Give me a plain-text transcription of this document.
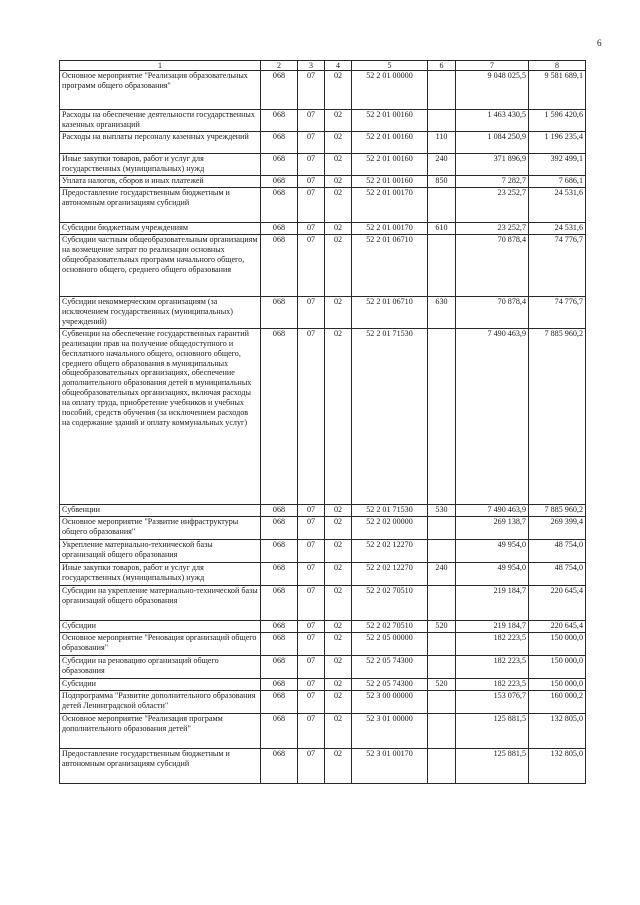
6
1	2	3	4	5	6	7	8
Основное мероприятие "Реализация образовательных программ общего образования"	068	07	02	52 2 01 00000		9 048 025,5	9 581 689,1
Расходы на обеспечение деятельности государственных казенных организаций	068	07	02	52 2 01 00160		1 463 430,5	1 596 420,6
Расходы на выплаты персоналу казенных учреждений	068	07	02	52 2 01 00160	110	1 084 250,9	1 196 235,4
Иные закупки товаров, работ и услуг для государственных (муниципальных) нужд	068	07	02	52 2 01 00160	240	371 896,9	392 499,1
Уплата налогов, сборов и иных платежей	068	07	02	52 2 01 00160	850	7 282,7	7 686,1
Предоставление государственным бюджетным и автономным организациям субсидий	068	07	02	52 2 01 00170		23 252,7	24 531,6
Субсидии бюджетным учреждениям	068	07	02	52 2 01 00170	610	23 252,7	24 531,6
Субсидии частным общеобразовательным организациям на возмещение затрат по реализации основных общеобразовательных программ начального общего, основного общего, среднего общего образования	068	07	02	52 2 01 06710		70 878,4	74 776,7
Субсидии некоммерческим организациям (за исключением государственных (муниципальных) учреждений)	068	07	02	52 2 01 06710	630	70 878,4	74 776,7
Субвенции на обеспечение государственных гарантий реализации прав на получение общедоступного и бесплатного начального общего, основного общего, среднего общего образования в муниципальных общеобразовательных организациях, обеспечение дополнительного образования детей в муниципальных общеобразовательных организациях, включая расходы на оплату труда, приобретение учебников и учебных пособий, средств обучения (за исключением расходов на содержание зданий и оплату коммунальных услуг)	068	07	02	52 2 01 71530		7 490 463,9	7 885 960,2
Субвенции	068	07	02	52 2 01 71530	530	7 490 463,9	7 885 960,2
Основное мероприятие "Развитие инфраструктуры общего образования"	068	07	02	52 2 02 00000		269 138,7	269 399,4
Укрепление материально-технической базы организаций общего образования	068	07	02	52 2 02 12270		49 954,0	48 754,0
Иные закупки товаров, работ и услуг для государственных (муниципальных) нужд	068	07	02	52 2 02 12270	240	49 954,0	48 754,0
Субсидии на укрепление материально-технической базы организаций общего образования	068	07	02	52 2 02 70510		219 184,7	220 645,4
Субсидии	068	07	02	52 2 02 70510	520	219 184,7	220 645,4
Основное мероприятие "Реновация организаций общего образования"	068	07	02	52 2 05 00000		182 223,5	150 000,0
Субсидии на реновацию организаций общего образования	068	07	02	52 2 05 74300		182 223,5	150 000,0
Субсидии	068	07	02	52 2 05 74300	520	182 223,5	150 000,0
Подпрограмма "Развитие дополнительного образования детей Ленинградской области"	068	07	02	52 3 00 00000		153 076,7	160 000,2
Основное мероприятие "Реализация программ дополнительного образования детей"	068	07	02	52 3 01 00000		125 881,5	132 805,0
Предоставление государственным бюджетным и автономным организациям субсидий	068	07	02	52 3 01 00170		125 881,5	132 805,0
